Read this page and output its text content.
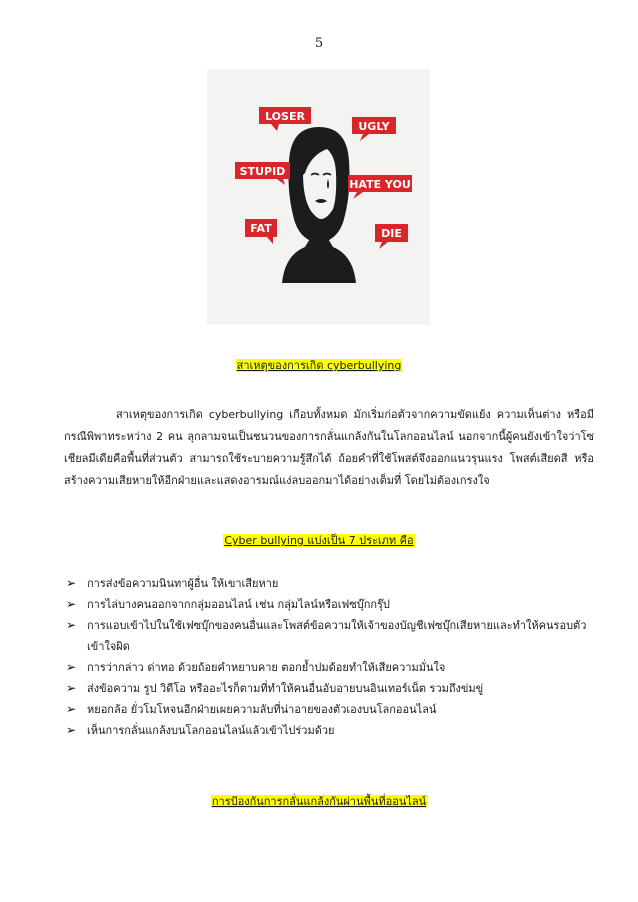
5
LOSER
UGLY
STUPID
HATE YOU
FAT	DIE
สาเหตุของการเกิด cyberbullying

สาเหตุของการเกิด cyberbullying เกือบทั้งหมด มักเริ่มก่อตัวจากความขัดแย้ง ความเห็นต่าง หรือมีกรณีพิพาทระหว่าง 2 คน ลุกลามจนเป็นชนวนของการกลั่นแกล้งกันในโลกออนไลน์ นอกจากนี้ผู้คนยังเข้าใจว่าโซเชียลมีเดียคือพื้นที่ส่วนตัว สามารถใช้ระบายความรู้สึกได้ ถ้อยคำที่ใช้โพสต์จึงออกแนวรุนแรง โพสต์เสียดสี หรือสร้างความเสียหายให้อีกฝ่ายและแสดงอารมณ์แง่ลบออกมาได้อย่างเต็มที่ โดยไม่ต้องเกรงใจ

Cyber bullying แบ่งเป็น 7 ประเภท คือ
➢ การส่งข้อความนินทาผู้อื่น ให้เขาเสียหาย
➢ การไล่บางคนออกจากกลุ่มออนไลน์ เช่น กลุ่มไลน์หรือเฟซบุ๊กกรุ๊ป
➢ การแอบเข้าไปในใช้เฟซบุ๊กของคนอื่นและโพสต์ข้อความให้เจ้าของบัญชีเฟซบุ๊กเสียหายและทำให้คนรอบตัวเข้าใจผิด
➢ การว่ากล่าว ด่าทอ ด้วยถ้อยคำหยาบคาย ตอกย้ำปมด้อยทำให้เสียความมั่นใจ
➢ ส่งข้อความ รูป วิดีโอ หรืออะไรก็ตามที่ทำให้คนอื่นอับอายบนอินเทอร์เน็ต รวมถึงข่มขู่
➢ หยอกล้อ ยั่วโมโหจนอีกฝ่ายเผยความลับที่น่าอายของตัวเองบนโลกออนไลน์
➢ เห็นการกลั่นแกล้งบนโลกออนไลน์แล้วเข้าไปร่วมด้วย
การป้องกันการกลั่นแกล้งกันผ่านพื้นที่ออนไลน์
